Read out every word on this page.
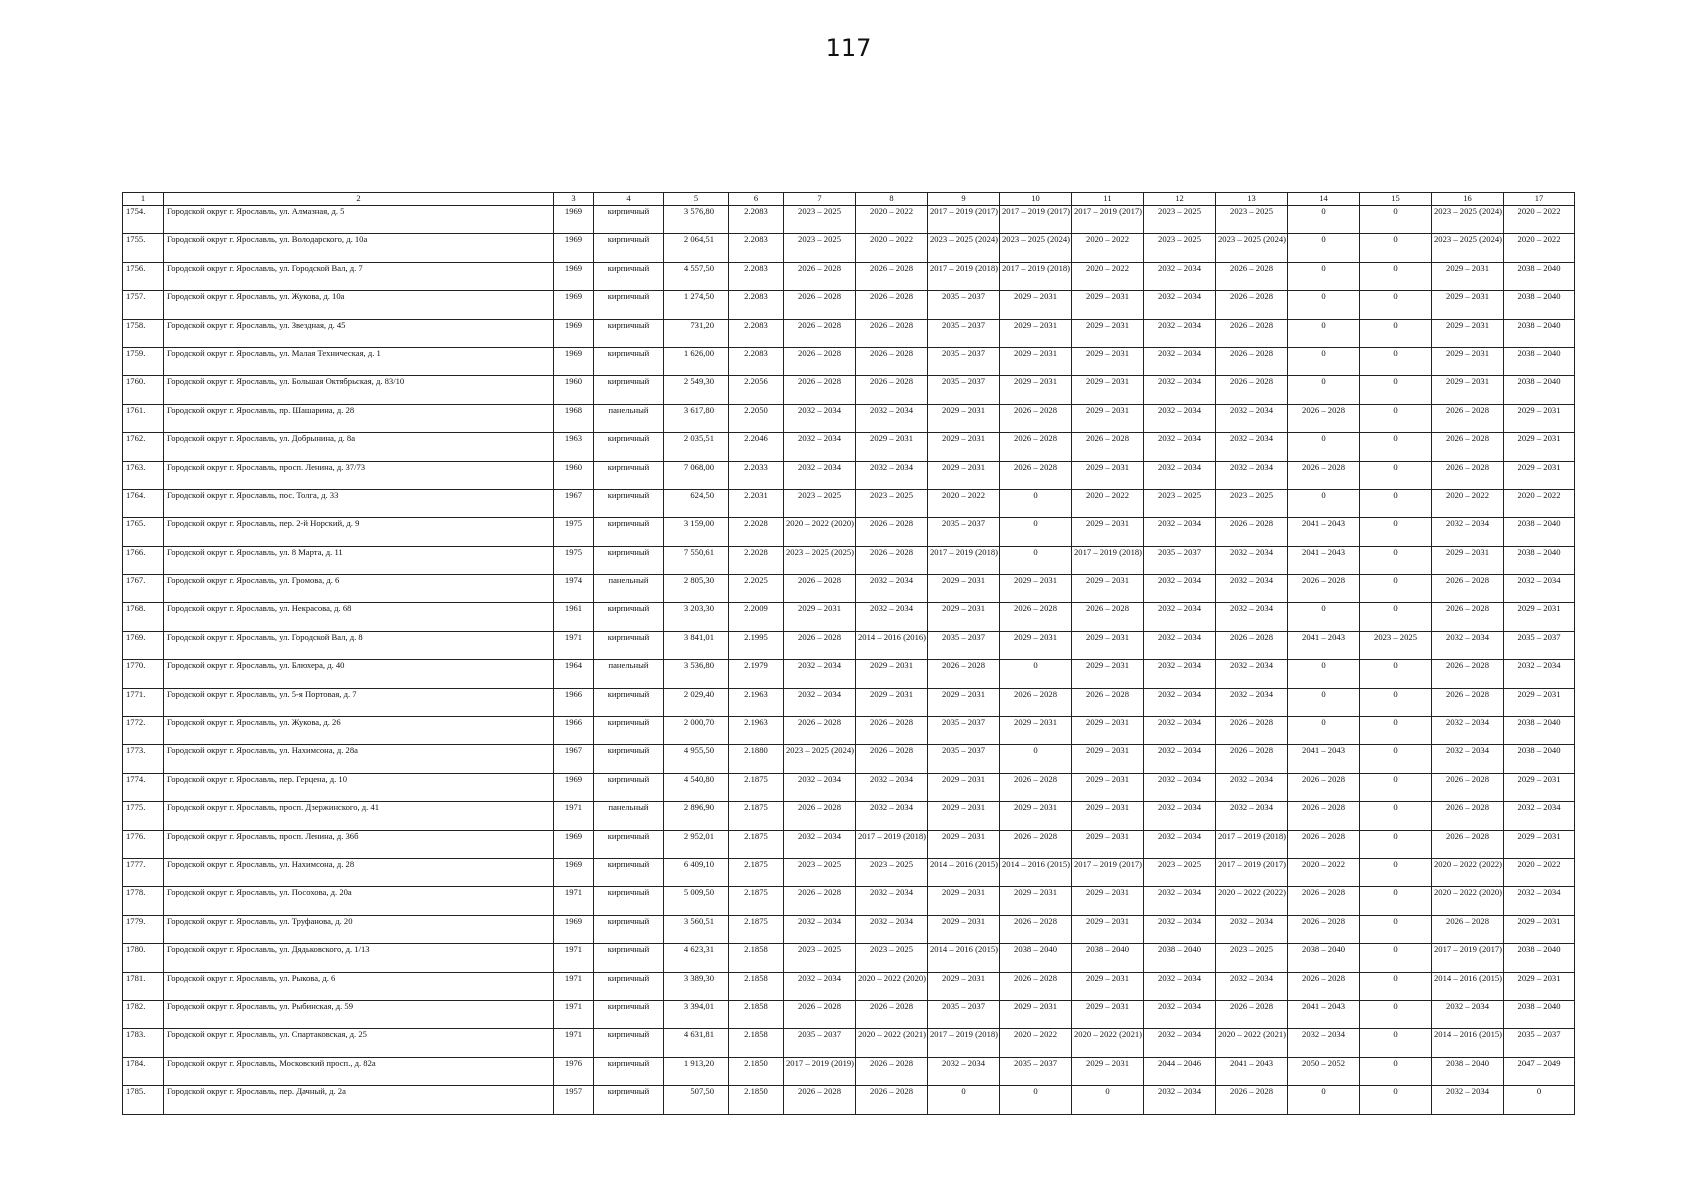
117
1	2	3	4	5	6	7	8	9	10	11	12	13	14	15	16	17
1754.	Городской округ г. Ярославль, ул. Алмазная, д. 5	1969	кирпичный	3 576,80	2.2083	2023 – 2025	2020 – 2022	2017 – 2019 (2017)	2017 – 2019 (2017)	2017 – 2019 (2017)	2023 – 2025	2023 – 2025	0	0	2023 – 2025 (2024)	2020 – 2022
1755.	Городской округ г. Ярославль, ул. Володарского, д. 10а	1969	кирпичный	2 064,51	2.2083	2023 – 2025	2020 – 2022	2023 – 2025 (2024)	2023 – 2025 (2024)	2020 – 2022	2023 – 2025	2023 – 2025 (2024)	0	0	2023 – 2025 (2024)	2020 – 2022
1756.	Городской округ г. Ярославль, ул. Городской Вал, д. 7	1969	кирпичный	4 557,50	2.2083	2026 – 2028	2026 – 2028	2017 – 2019 (2018)	2017 – 2019 (2018)	2020 – 2022	2032 – 2034	2026 – 2028	0	0	2029 – 2031	2038 – 2040
1757.	Городской округ г. Ярославль, ул. Жукова, д. 10а	1969	кирпичный	1 274,50	2.2083	2026 – 2028	2026 – 2028	2035 – 2037	2029 – 2031	2029 – 2031	2032 – 2034	2026 – 2028	0	0	2029 – 2031	2038 – 2040
1758.	Городской округ г. Ярославль, ул. Звездная, д. 45	1969	кирпичный	731,20	2.2083	2026 – 2028	2026 – 2028	2035 – 2037	2029 – 2031	2029 – 2031	2032 – 2034	2026 – 2028	0	0	2029 – 2031	2038 – 2040
1759.	Городской округ г. Ярославль, ул. Малая Техническая, д. 1	1969	кирпичный	1 626,00	2.2083	2026 – 2028	2026 – 2028	2035 – 2037	2029 – 2031	2029 – 2031	2032 – 2034	2026 – 2028	0	0	2029 – 2031	2038 – 2040
1760.	Городской округ г. Ярославль, ул. Большая Октябрьская, д. 83/10	1960	кирпичный	2 549,30	2.2056	2026 – 2028	2026 – 2028	2035 – 2037	2029 – 2031	2029 – 2031	2032 – 2034	2026 – 2028	0	0	2029 – 2031	2038 – 2040
1761.	Городской округ г. Ярославль, пр. Шашарина, д. 28	1968	панельный	3 617,80	2.2050	2032 – 2034	2032 – 2034	2029 – 2031	2026 – 2028	2029 – 2031	2032 – 2034	2032 – 2034	2026 – 2028	0	2026 – 2028	2029 – 2031
1762.	Городской округ г. Ярославль, ул. Добрынина, д. 8а	1963	кирпичный	2 035,51	2.2046	2032 – 2034	2029 – 2031	2029 – 2031	2026 – 2028	2026 – 2028	2032 – 2034	2032 – 2034	0	0	2026 – 2028	2029 – 2031
1763.	Городской округ г. Ярославль, просп. Ленина, д. 37/73	1960	кирпичный	7 068,00	2.2033	2032 – 2034	2032 – 2034	2029 – 2031	2026 – 2028	2029 – 2031	2032 – 2034	2032 – 2034	2026 – 2028	0	2026 – 2028	2029 – 2031
1764.	Городской округ г. Ярославль, пос. Толга, д. 33	1967	кирпичный	624,50	2.2031	2023 – 2025	2023 – 2025	2020 – 2022	0	2020 – 2022	2023 – 2025	2023 – 2025	0	0	2020 – 2022	2020 – 2022
1765.	Городской округ г. Ярославль, пер. 2-й Норский, д. 9	1975	кирпичный	3 159,00	2.2028	2020 – 2022 (2020)	2026 – 2028	2035 – 2037	0	2029 – 2031	2032 – 2034	2026 – 2028	2041 – 2043	0	2032 – 2034	2038 – 2040
1766.	Городской округ г. Ярославль, ул. 8 Марта, д. 11	1975	кирпичный	7 550,61	2.2028	2023 – 2025 (2025)	2026 – 2028	2017 – 2019 (2018)	0	2017 – 2019 (2018)	2035 – 2037	2032 – 2034	2041 – 2043	0	2029 – 2031	2038 – 2040
1767.	Городской округ г. Ярославль, ул. Громова, д. 6	1974	панельный	2 805,30	2.2025	2026 – 2028	2032 – 2034	2029 – 2031	2029 – 2031	2029 – 2031	2032 – 2034	2032 – 2034	2026 – 2028	0	2026 – 2028	2032 – 2034
1768.	Городской округ г. Ярославль, ул. Некрасова, д. 68	1961	кирпичный	3 203,30	2.2009	2029 – 2031	2032 – 2034	2029 – 2031	2026 – 2028	2026 – 2028	2032 – 2034	2032 – 2034	0	0	2026 – 2028	2029 – 2031
1769.	Городской округ г. Ярославль, ул. Городской Вал, д. 8	1971	кирпичный	3 841,01	2.1995	2026 – 2028	2014 – 2016 (2016)	2035 – 2037	2029 – 2031	2029 – 2031	2032 – 2034	2026 – 2028	2041 – 2043	2023 – 2025	2032 – 2034	2035 – 2037
1770.	Городской округ г. Ярославль, ул. Блюхера, д. 40	1964	панельный	3 536,80	2.1979	2032 – 2034	2029 – 2031	2026 – 2028	0	2029 – 2031	2032 – 2034	2032 – 2034	0	0	2026 – 2028	2032 – 2034
1771.	Городской округ г. Ярославль, ул. 5-я Портовая, д. 7	1966	кирпичный	2 029,40	2.1963	2032 – 2034	2029 – 2031	2029 – 2031	2026 – 2028	2026 – 2028	2032 – 2034	2032 – 2034	0	0	2026 – 2028	2029 – 2031
1772.	Городской округ г. Ярославль, ул. Жукова, д. 26	1966	кирпичный	2 000,70	2.1963	2026 – 2028	2026 – 2028	2035 – 2037	2029 – 2031	2029 – 2031	2032 – 2034	2026 – 2028	0	0	2032 – 2034	2038 – 2040
1773.	Городской округ г. Ярославль, ул. Нахимсона, д. 28а	1967	кирпичный	4 955,50	2.1880	2023 – 2025 (2024)	2026 – 2028	2035 – 2037	0	2029 – 2031	2032 – 2034	2026 – 2028	2041 – 2043	0	2032 – 2034	2038 – 2040
1774.	Городской округ г. Ярославль, пер. Герцена, д. 10	1969	кирпичный	4 540,80	2.1875	2032 – 2034	2032 – 2034	2029 – 2031	2026 – 2028	2029 – 2031	2032 – 2034	2032 – 2034	2026 – 2028	0	2026 – 2028	2029 – 2031
1775.	Городской округ г. Ярославль, просп. Дзержинского, д. 41	1971	панельный	2 896,90	2.1875	2026 – 2028	2032 – 2034	2029 – 2031	2029 – 2031	2029 – 2031	2032 – 2034	2032 – 2034	2026 – 2028	0	2026 – 2028	2032 – 2034
1776.	Городской округ г. Ярославль, просп. Ленина, д. 36б	1969	кирпичный	2 952,01	2.1875	2032 – 2034	2017 – 2019 (2018)	2029 – 2031	2026 – 2028	2029 – 2031	2032 – 2034	2017 – 2019 (2018)	2026 – 2028	0	2026 – 2028	2029 – 2031
1777.	Городской округ г. Ярославль, ул. Нахимсона, д. 28	1969	кирпичный	6 409,10	2.1875	2023 – 2025	2023 – 2025	2014 – 2016 (2015)	2014 – 2016 (2015)	2017 – 2019 (2017)	2023 – 2025	2017 – 2019 (2017)	2020 – 2022	0	2020 – 2022 (2022)	2020 – 2022
1778.	Городской округ г. Ярославль, ул. Посохова, д. 20а	1971	кирпичный	5 009,50	2.1875	2026 – 2028	2032 – 2034	2029 – 2031	2029 – 2031	2029 – 2031	2032 – 2034	2020 – 2022 (2022)	2026 – 2028	0	2020 – 2022 (2020)	2032 – 2034
1779.	Городской округ г. Ярославль, ул. Труфанова, д. 20	1969	кирпичный	3 560,51	2.1875	2032 – 2034	2032 – 2034	2029 – 2031	2026 – 2028	2029 – 2031	2032 – 2034	2032 – 2034	2026 – 2028	0	2026 – 2028	2029 – 2031
1780.	Городской округ г. Ярославль, ул. Дядьковского, д. 1/13	1971	кирпичный	4 623,31	2.1858	2023 – 2025	2023 – 2025	2014 – 2016 (2015)	2038 – 2040	2038 – 2040	2038 – 2040	2023 – 2025	2038 – 2040	0	2017 – 2019 (2017)	2038 – 2040
1781.	Городской округ г. Ярославль, ул. Рыкова, д. 6	1971	кирпичный	3 389,30	2.1858	2032 – 2034	2020 – 2022 (2020)	2029 – 2031	2026 – 2028	2029 – 2031	2032 – 2034	2032 – 2034	2026 – 2028	0	2014 – 2016 (2015)	2029 – 2031
1782.	Городской округ г. Ярославль, ул. Рыбинская, д. 59	1971	кирпичный	3 394,01	2.1858	2026 – 2028	2026 – 2028	2035 – 2037	2029 – 2031	2029 – 2031	2032 – 2034	2026 – 2028	2041 – 2043	0	2032 – 2034	2038 – 2040
1783.	Городской округ г. Ярославль, ул. Спартаковская, д. 25	1971	кирпичный	4 631,81	2.1858	2035 – 2037	2020 – 2022 (2021)	2017 – 2019 (2018)	2020 – 2022	2020 – 2022 (2021)	2032 – 2034	2020 – 2022 (2021)	2032 – 2034	0	2014 – 2016 (2015)	2035 – 2037
1784.	Городской округ г. Ярославль, Московский просп., д. 82а	1976	кирпичный	1 913,20	2.1850	2017 – 2019 (2019)	2026 – 2028	2032 – 2034	2035 – 2037	2029 – 2031	2044 – 2046	2041 – 2043	2050 – 2052	0	2038 – 2040	2047 – 2049
1785.	Городской округ г. Ярославль, пер. Дачный, д. 2а	1957	кирпичный	507,50	2.1850	2026 – 2028	2026 – 2028	0	0	0	2032 – 2034	2026 – 2028	0	0	2032 – 2034	0
